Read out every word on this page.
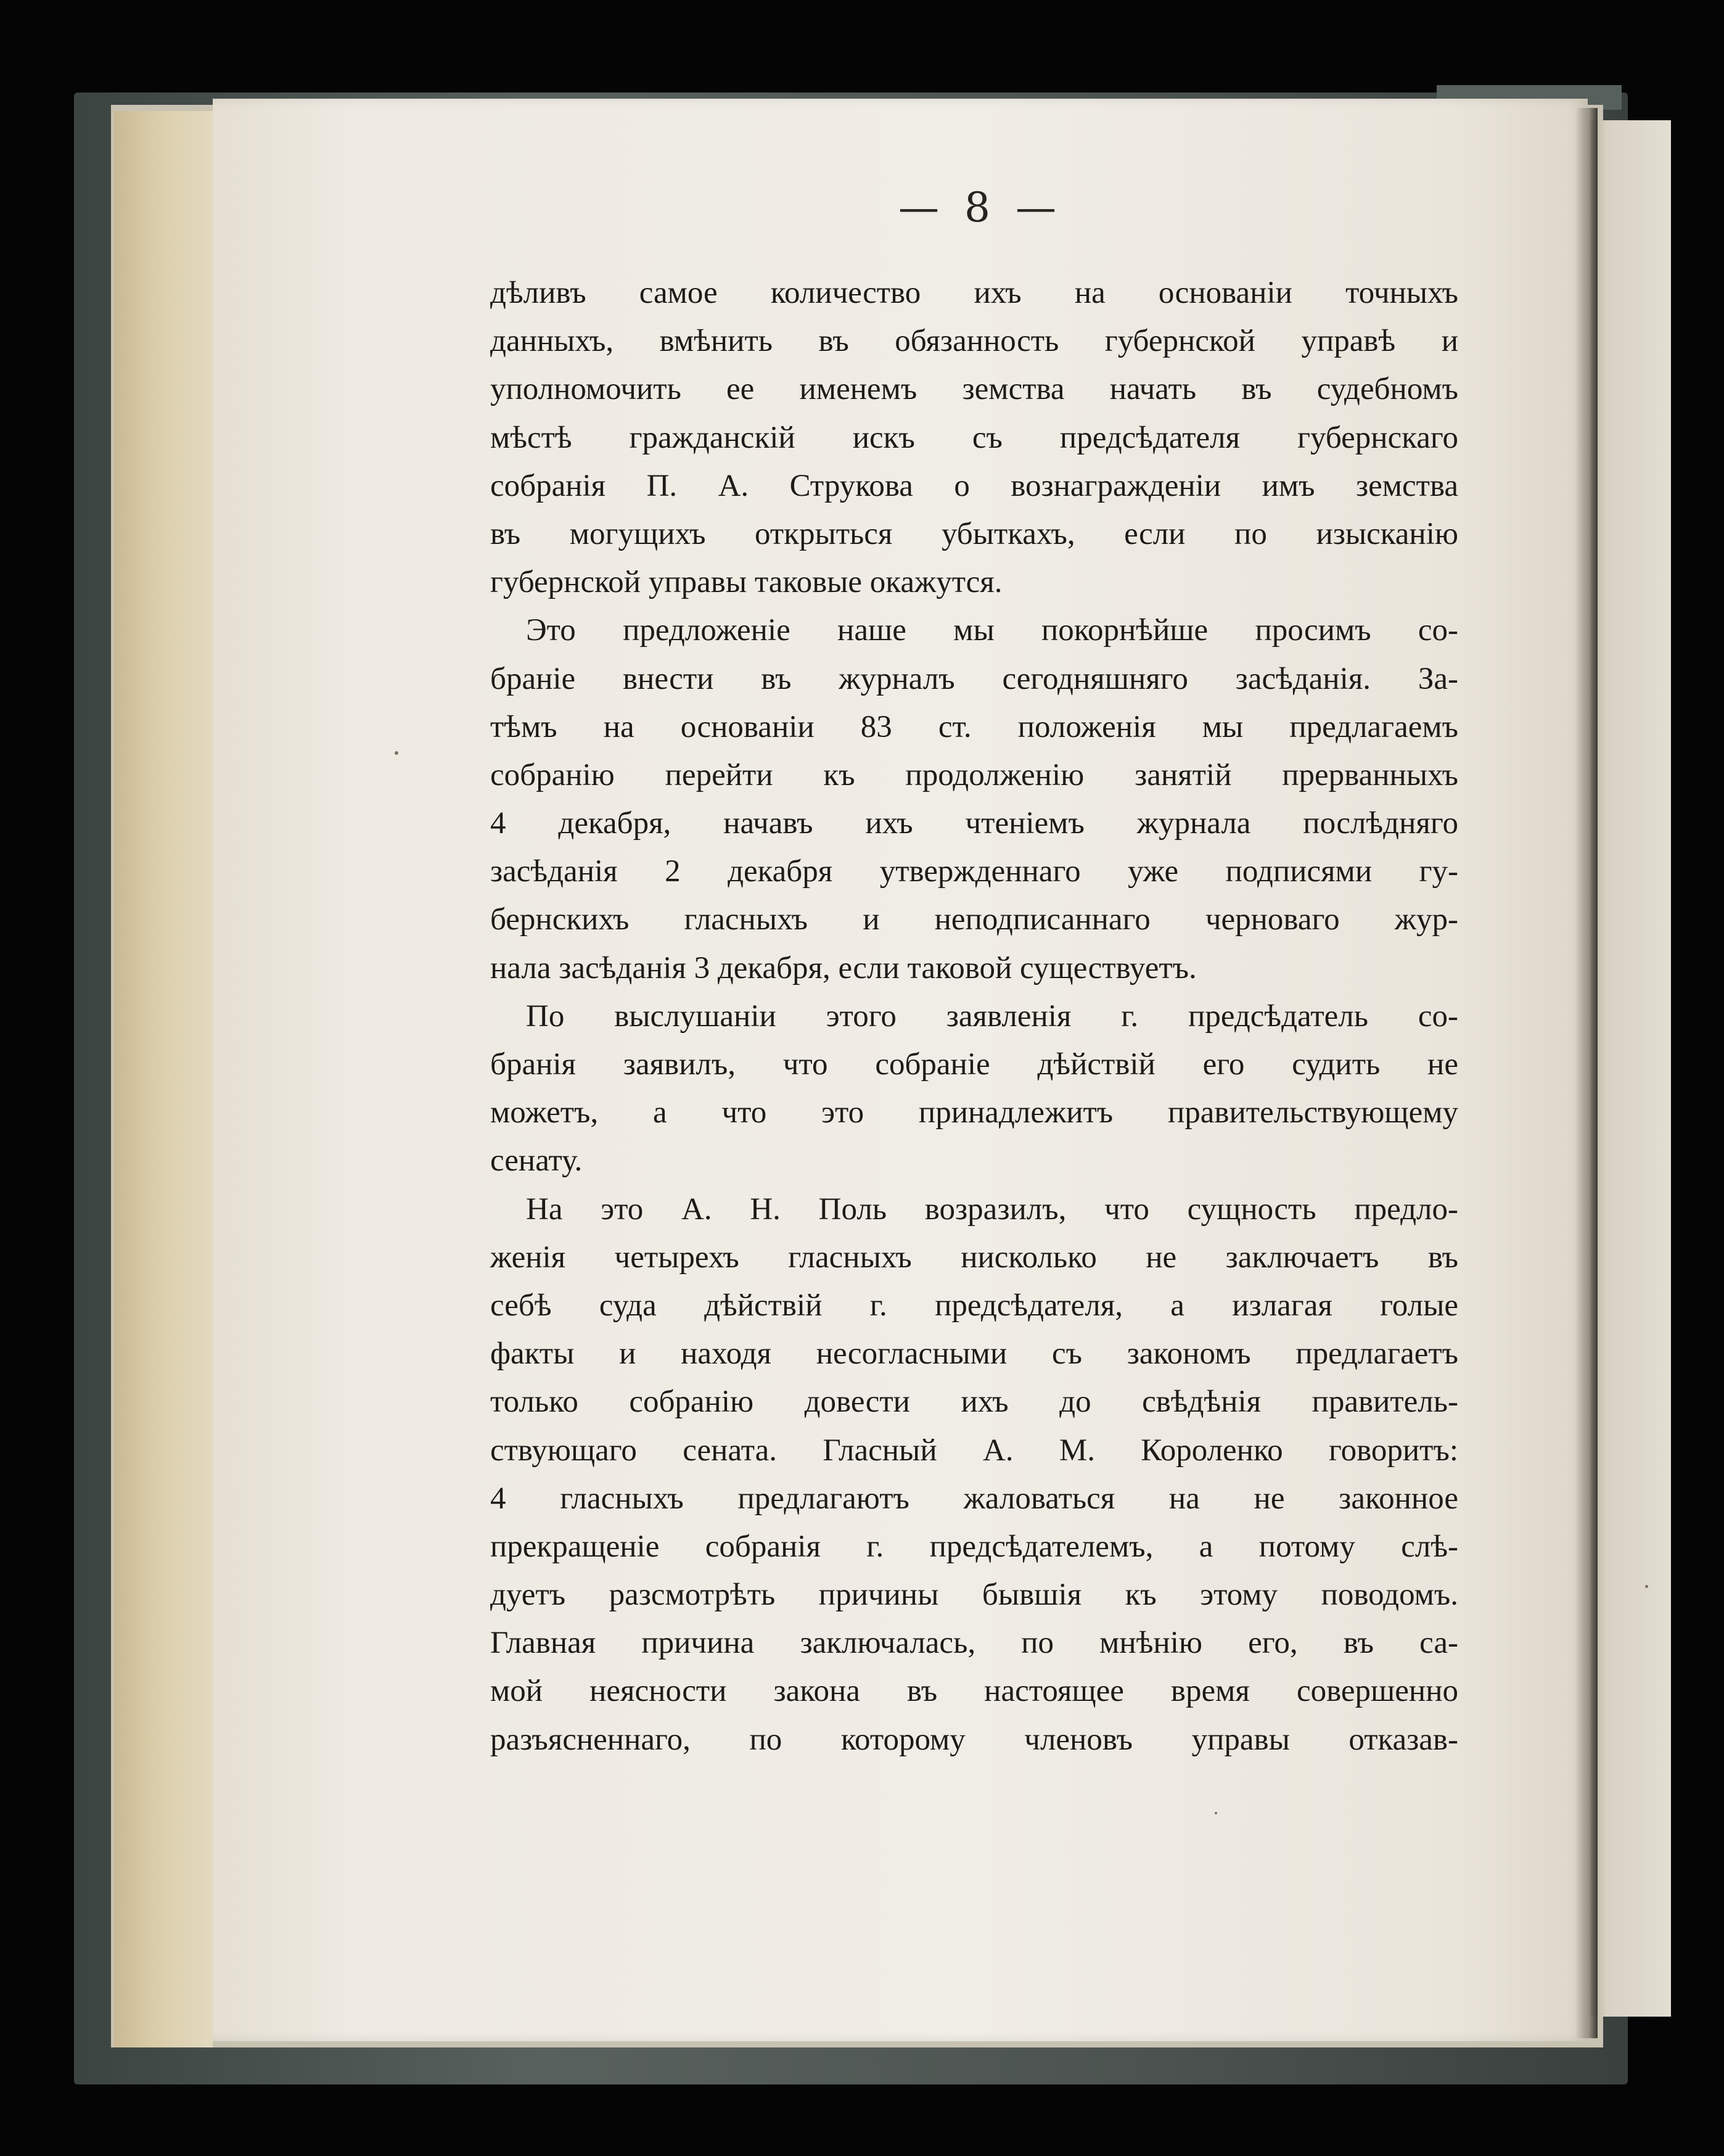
— 8 —
дѣливъ самое количество ихъ на основаніи точныхъ
данныхъ, вмѣнить въ обязанность губернской управѣ и
уполномочить ее именемъ земства начать въ судебномъ
мѣстѣ гражданскій искъ съ предсѣдателя губернскаго
собранія П. А. Струкова о вознагражденіи имъ земства
въ могущихъ открыться убыткахъ, если по изысканію
губернской управы таковые окажутся.
Это предложеніе наше мы покорнѣйше просимъ со-
браніе внести въ журналъ сегодняшняго засѣданія. За-
тѣмъ на основаніи 83 ст. положенія мы предлагаемъ
собранію перейти къ продолженію занятій прерванныхъ
4 декабря, начавъ ихъ чтеніемъ журнала послѣдняго
засѣданія 2 декабря утвержденнаго уже подписями гу-
бернскихъ гласныхъ и неподписаннаго черноваго жур-
нала засѣданія 3 декабря, если таковой существуетъ.
По выслушаніи этого заявленія г. предсѣдатель со-
бранія заявилъ, что собраніе дѣйствій его судить не
можетъ, а что это принадлежитъ правительствующему
сенату.
На это А. Н. Поль возразилъ, что сущность предло-
женія четырехъ гласныхъ нисколько не заключаетъ въ
себѣ суда дѣйствій г. предсѣдателя, а излагая голые
факты и находя несогласными съ закономъ предлагаетъ
только собранію довести ихъ до свѣдѣнія правитель-
ствующаго сената. Гласный А. М. Короленко говоритъ:
4 гласныхъ предлагаютъ жаловаться на не законное
прекращеніе собранія г. предсѣдателемъ, а потому слѣ-
дуетъ разсмотрѣть причины бывшія къ этому поводомъ.
Главная причина заключалась, по мнѣнію его, въ са-
мой неясности закона въ настоящее время совершенно
разъясненнаго, по которому членовъ управы отказав-
